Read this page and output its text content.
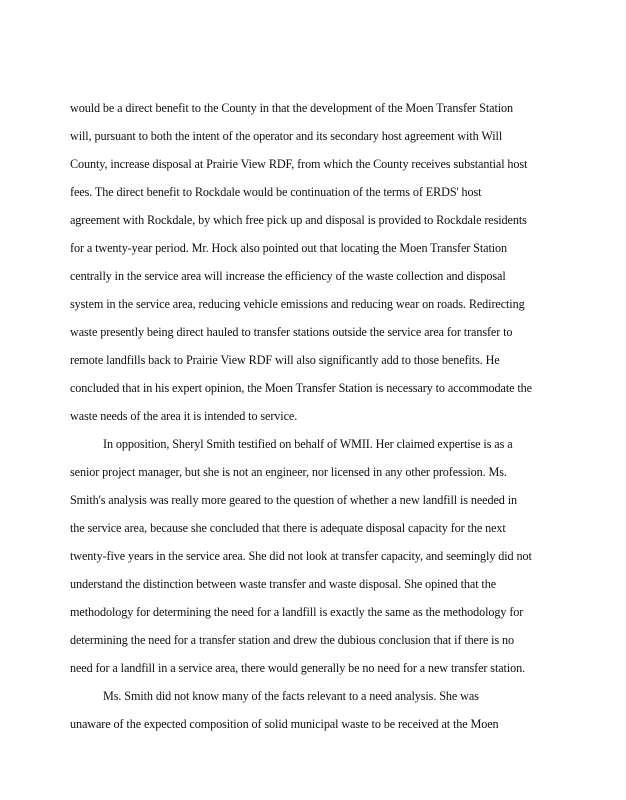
would be a direct benefit to the County in that the development of the Moen Transfer Station
will, pursuant to both the intent of the operator and its secondary host agreement with Will
County, increase disposal at Prairie View RDF, from which the County receives substantial host
fees. The direct benefit to Rockdale would be continuation of the terms of ERDS' host
agreement with Rockdale, by which free pick up and disposal is provided to Rockdale residents
for a twenty-year period. Mr. Hock also pointed out that locating the Moen Transfer Station
centrally in the service area will increase the efficiency of the waste collection and disposal
system in the service area, reducing vehicle emissions and reducing wear on roads. Redirecting
waste presently being direct hauled to transfer stations outside the service area for transfer to
remote landfills back to Prairie View RDF will also significantly add to those benefits. He
concluded that in his expert opinion, the Moen Transfer Station is necessary to accommodate the
waste needs of the area it is intended to service.
In opposition, Sheryl Smith testified on behalf of WMII. Her claimed expertise is as a
senior project manager, but she is not an engineer, nor licensed in any other profession. Ms.
Smith's analysis was really more geared to the question of whether a new landfill is needed in
the service area, because she concluded that there is adequate disposal capacity for the next
twenty-five years in the service area. She did not look at transfer capacity, and seemingly did not
understand the distinction between waste transfer and waste disposal. She opined that the
methodology for determining the need for a landfill is exactly the same as the methodology for
determining the need for a transfer station and drew the dubious conclusion that if there is no
need for a landfill in a service area, there would generally be no need for a new transfer station.
Ms. Smith did not know many of the facts relevant to a need analysis. She was
unaware of the expected composition of solid municipal waste to be received at the Moen
